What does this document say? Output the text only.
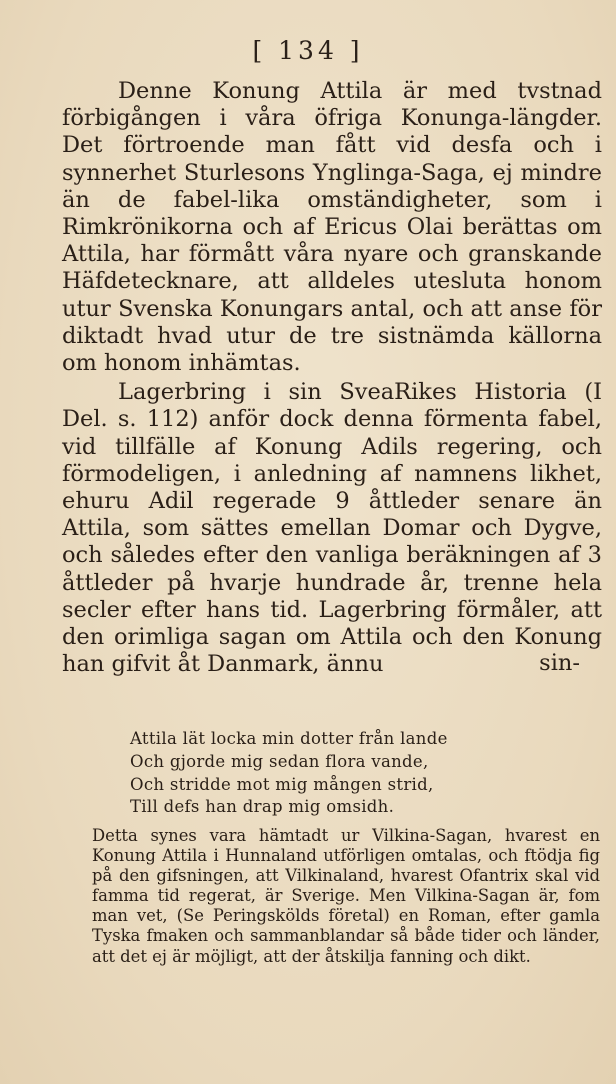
[ 134 ]

Denne Konung Attila är med tvstnad förbigången i våra öfriga Konunga-längder. Det förtroende man fått vid desfa och i synnerhet Sturlesons Ynglinga-Saga, ej mindre än de fabel-lika omständigheter, som i Rimkrönikorna och af Ericus Olai berättas om Attila, har förmått våra nyare och granskande Häfdetecknare, att alldeles utesluta honom utur Svenska Konungars antal, och att anse för diktadt hvad utur de tre sistnämda källorna om honom inhämtas.

Lagerbring i sin SveaRikes Historia (I Del. s. 112) anför dock denna förmenta fabel, vid tillfälle af Konung Adils regering, och förmodeligen, i anledning af namnens likhet, ehuru Adil regerade 9 åttleder senare än Attila, som sättes emellan Domar och Dygve, och således efter den vanliga beräkningen af 3 åttleder på hvarje hundrade år, trenne hela secler efter hans tid. Lagerbring förmåler, att den orimliga sagan om Attila och den Konung han gifvit åt Danmark, ännu	sin-
Attila lät locka min dotter från lande
Och gjorde mig sedan flora vande,
Och stridde mot mig mången strid,
Till defs han drap mig omsidh.

Detta synes vara hämtadt ur Vilkina-Sagan, hvarest en Konung Attila i Hunnaland utförligen omtalas, och ftödja fig på den gifsningen, att Vilkinaland, hvarest Ofantrix skal vid famma tid regerat, är Sverige. Men Vilkina-Sagan är, fom man vet, (Se Peringskölds företal) en Roman, efter gamla Tyska fmaken och sammanblandar så både tider och länder, att det ej är möjligt, att der åtskilja fanning och dikt.
